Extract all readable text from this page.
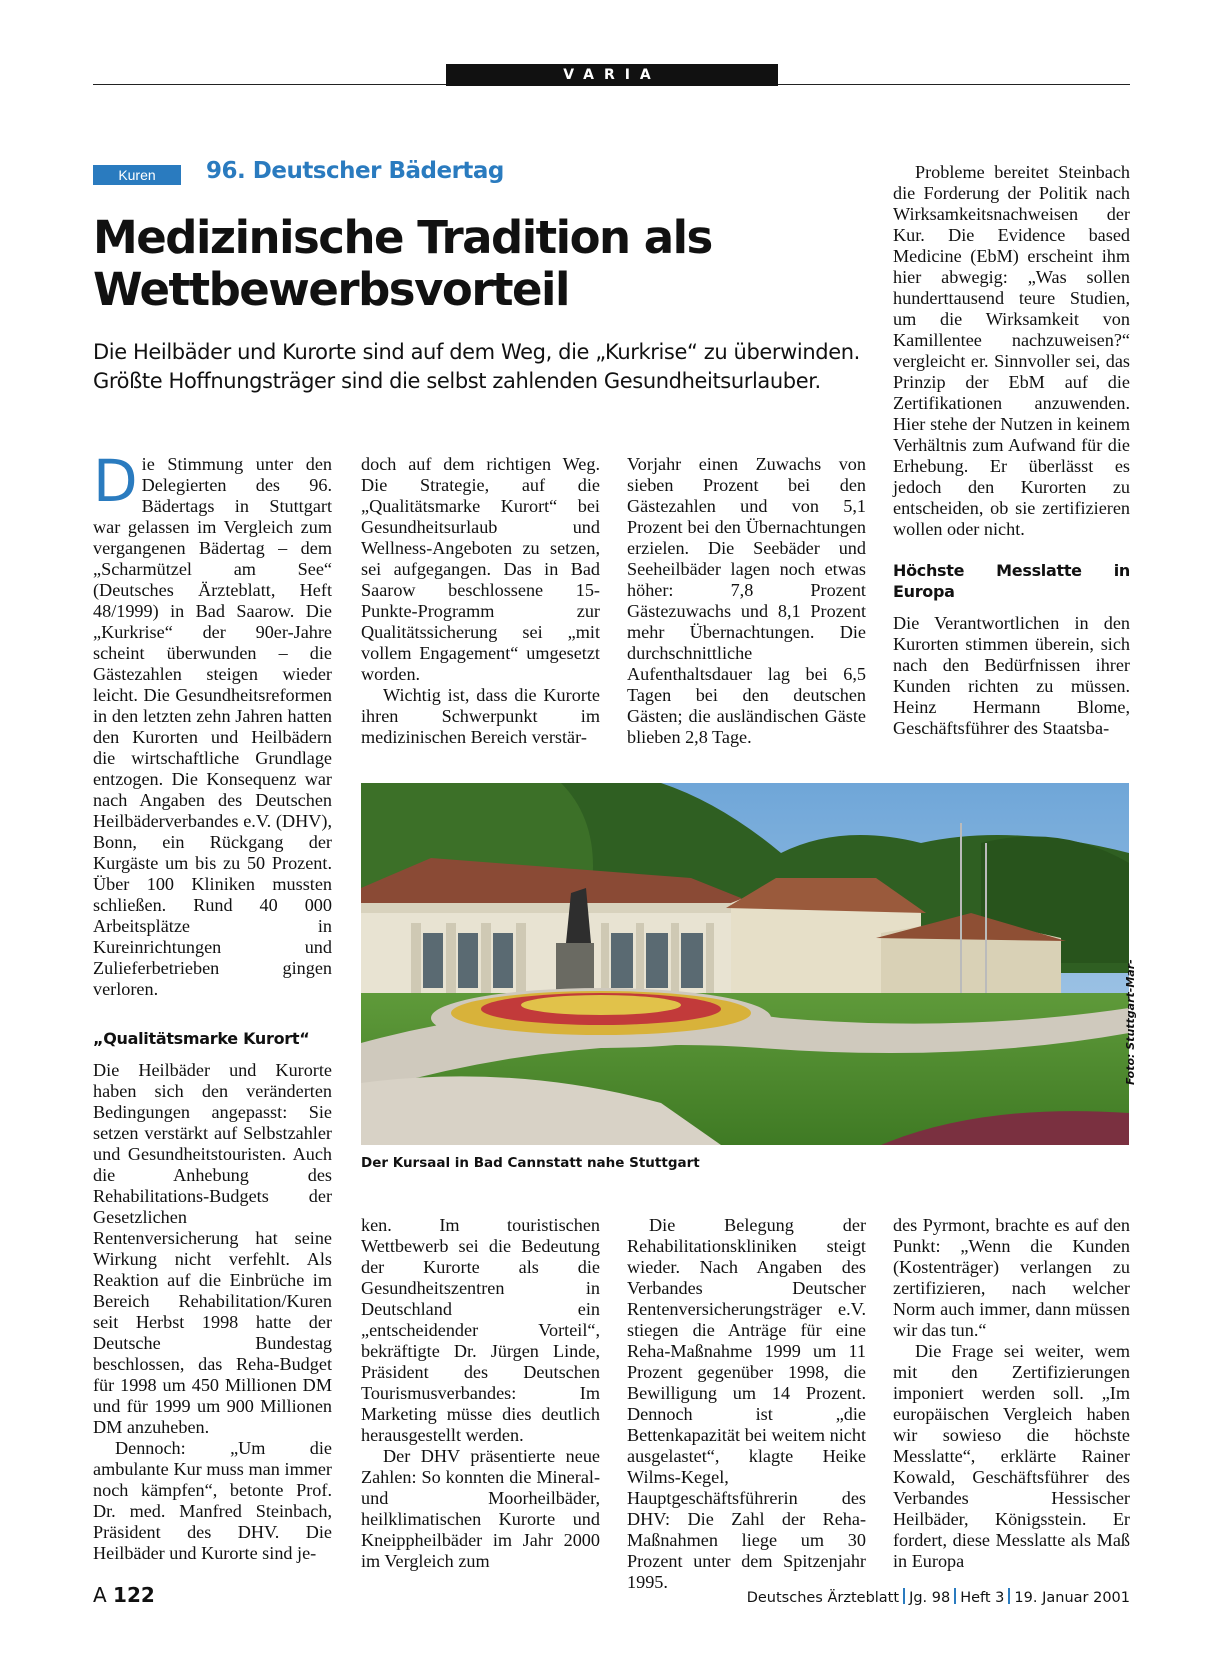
VARIA
Kuren	96. Deutscher Bädertag
Medizinische Tradition als
Wettbewerbsvorteil
Die Heilbäder und Kurorte sind auf dem Weg, die „Kurkrise“ zu überwinden. Größte Hoffnungsträger sind die selbst zahlenden Gesundheitsurlauber.

Die Stimmung unter den Delegierten des 96. Bädertags in Stuttgart war gelassen im Vergleich zum vergangenen Bädertag – dem „Scharmützel am See“ (Deutsches Ärzteblatt, Heft 48/1999) in Bad Saarow. Die „Kurkrise“ der 90er-Jahre scheint überwunden – die Gästezahlen steigen wieder leicht. Die Gesundheitsreformen in den letzten zehn Jahren hatten den Kurorten und Heilbädern die wirtschaftliche Grundlage entzogen. Die Konsequenz war nach Angaben des Deutschen Heilbäderverbandes e.V. (DHV), Bonn, ein Rückgang der Kurgäste um bis zu 50 Prozent. Über 100 Kliniken mussten schließen. Rund 40 000 Arbeitsplätze in Kureinrichtungen und Zulieferbetrieben gingen verloren.

„Qualitätsmarke Kurort“

Die Heilbäder und Kurorte haben sich den veränderten Bedingungen angepasst: Sie setzen verstärkt auf Selbstzahler und Gesundheitstouristen. Auch die Anhebung des Rehabilitations-Budgets der Gesetzlichen Rentenversicherung hat seine Wirkung nicht verfehlt. Als Reaktion auf die Einbrüche im Bereich Rehabilitation/Kuren seit Herbst 1998 hatte der Deutsche Bundestag beschlossen, das Reha-Budget für 1998 um 450 Millionen DM und für 1999 um 900 Millionen DM anzuheben.

Dennoch: „Um die ambulante Kur muss man immer noch kämpfen“, betonte Prof. Dr. med. Manfred Steinbach, Präsident des DHV. Die Heilbäder und Kurorte sind je-

doch auf dem richtigen Weg. Die Strategie, auf die „Qualitätsmarke Kurort“ bei Gesundheitsurlaub und Wellness-Angeboten zu setzen, sei aufgegangen. Das in Bad Saarow beschlossene 15-Punkte-Programm zur Qualitätssicherung sei „mit vollem Engagement“ umgesetzt worden.

Wichtig ist, dass die Kurorte ihren Schwerpunkt im medizinischen Bereich verstär-

Vorjahr einen Zuwachs von sieben Prozent bei den Gästezahlen und von 5,1 Prozent bei den Übernachtungen erzielen. Die Seebäder und Seeheilbäder lagen noch etwas höher: 7,8 Prozent Gästezuwachs und 8,1 Prozent mehr Übernachtungen. Die durchschnittliche Aufenthaltsdauer lag bei 6,5 Tagen bei den deutschen Gästen; die ausländischen Gäste blieben 2,8 Tage.

Probleme bereitet Steinbach die Forderung der Politik nach Wirksamkeitsnachweisen der Kur. Die Evidence based Medicine (EbM) erscheint ihm hier abwegig: „Was sollen hunderttausend teure Studien, um die Wirksamkeit von Kamillentee nachzuweisen?“ vergleicht er. Sinnvoller sei, das Prinzip der EbM auf die Zertifikationen anzuwenden. Hier stehe der Nutzen in keinem Verhältnis zum Aufwand für die Erhebung. Er überlässt es jedoch den Kurorten zu entscheiden, ob sie zertifizieren wollen oder nicht.

Höchste Messlatte in Europa

Die Verantwortlichen in den Kurorten stimmen überein, sich nach den Bedürfnissen ihrer Kunden richten zu müssen. Heinz Hermann Blome, Geschäftsführer des Staatsba-

Foto: Stuttgart-Mar-
Der Kursaal in Bad Cannstatt nahe Stuttgart

ken. Im touristischen Wettbewerb sei die Bedeutung der Kurorte als die Gesundheitszentren in Deutschland ein „entscheidender Vorteil“, bekräftigte Dr. Jürgen Linde, Präsident des Deutschen Tourismusverbandes: Im Marketing müsse dies deutlich herausgestellt werden.

Der DHV präsentierte neue Zahlen: So konnten die Mineral- und Moorheilbäder, heilklimatischen Kurorte und Kneippheilbäder im Jahr 2000 im Vergleich zum

Die Belegung der Rehabilitationskliniken steigt wieder. Nach Angaben des Verbandes Deutscher Rentenversicherungsträger e.V. stiegen die Anträge für eine Reha-Maßnahme 1999 um 11 Prozent gegenüber 1998, die Bewilligung um 14 Prozent. Dennoch ist „die Bettenkapazität bei weitem nicht ausgelastet“, klagte Heike Wilms-Kegel, Hauptgeschäftsführerin des DHV: Die Zahl der Reha-Maßnahmen liege um 30 Prozent unter dem Spitzenjahr 1995.

des Pyrmont, brachte es auf den Punkt: „Wenn die Kunden (Kostenträger) verlangen zu zertifizieren, nach welcher Norm auch immer, dann müssen wir das tun.“

Die Frage sei weiter, wem mit den Zertifizierungen imponiert werden soll. „Im europäischen Vergleich haben wir sowieso die höchste Messlatte“, erklärte Rainer Kowald, Geschäftsführer des Verbandes Hessischer Heilbäder, Königsstein. Er fordert, diese Messlatte als Maß in Europa

A 122	Deutsches Ärzteblatt Jg. 98 Heft 3 19. Januar 2001
